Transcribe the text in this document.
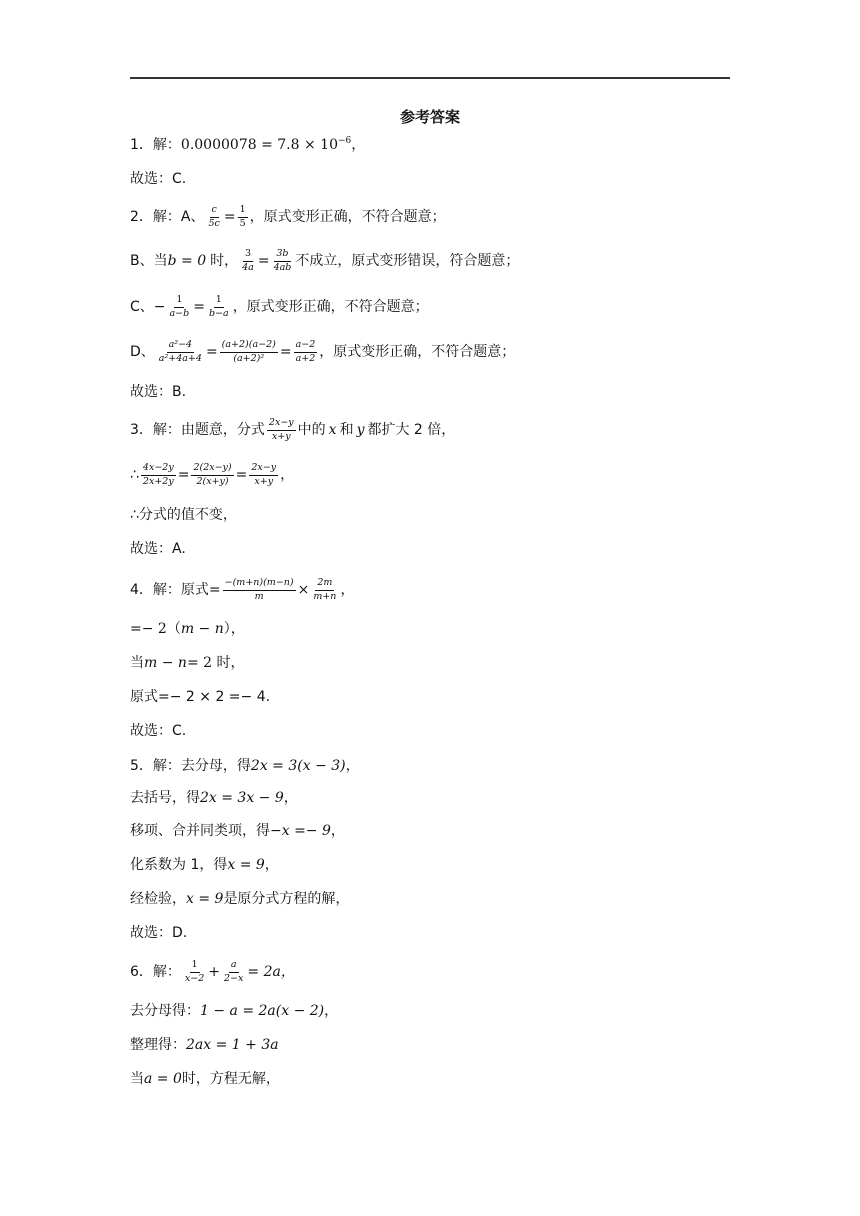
参考答案
1．解： $0.0000078 = 7.8 \times 10^{-6}$ ，
故选：C.
2．解：A、 $\frac{c}{5c} = \frac{1}{5}$ ，原式变形正确，不符合题意；
B、当 b = 0 时， $\frac{3}{4a} = \frac{3b}{4ab}$ 不成立，原式变形错误，符合题意；
C、− $\frac{1}{a-b} = \frac{1}{b-a}$ ，原式变形正确，不符合题意；
D、 $\frac{\text{a²−4}}{\text{a²+4a+4}} = \frac{(a+2)(a-2)}{\text{(a+2)²}} = \frac{a-2}{a+2}$ ，原式变形正确，不符合题意；
故选：B.
3．解：由题意，分式 $\frac{2x-y}{x+y}$ 中的 x 和 y 都扩大 2 倍，
∴ $\frac{4x-2y}{2x+2y} = \frac{2(2x-y)}{2(x+y)} = \frac{2x-y}{x+y}$ ，
∴分式的值不变，
故选：A.
4．解：原式= $\frac{-(m+n)(m-n)}{m} \times \frac{2m}{m+n}$ ，
=− 2（ m − n ），
当 m − n = 2 时，
原式=− 2 × 2 =− 4.
故选：C.
5．解：去分母，得 2x = 3(x − 3) ，
去括号，得 2x = 3x − 9 ，
移项、合并同类项，得 −x =− 9 ，
化系数为 1，得 x = 9 ，
经检验， x = 9 是原分式方程的解，
故选：D.
6．解： $\frac{1}{x-2} + \frac{a}{2-x} = 2a$，
去分母得： 1 − a = 2a(x − 2) ，
整理得： 2ax = 1 + 3a
当 a = 0 时，方程无解，
